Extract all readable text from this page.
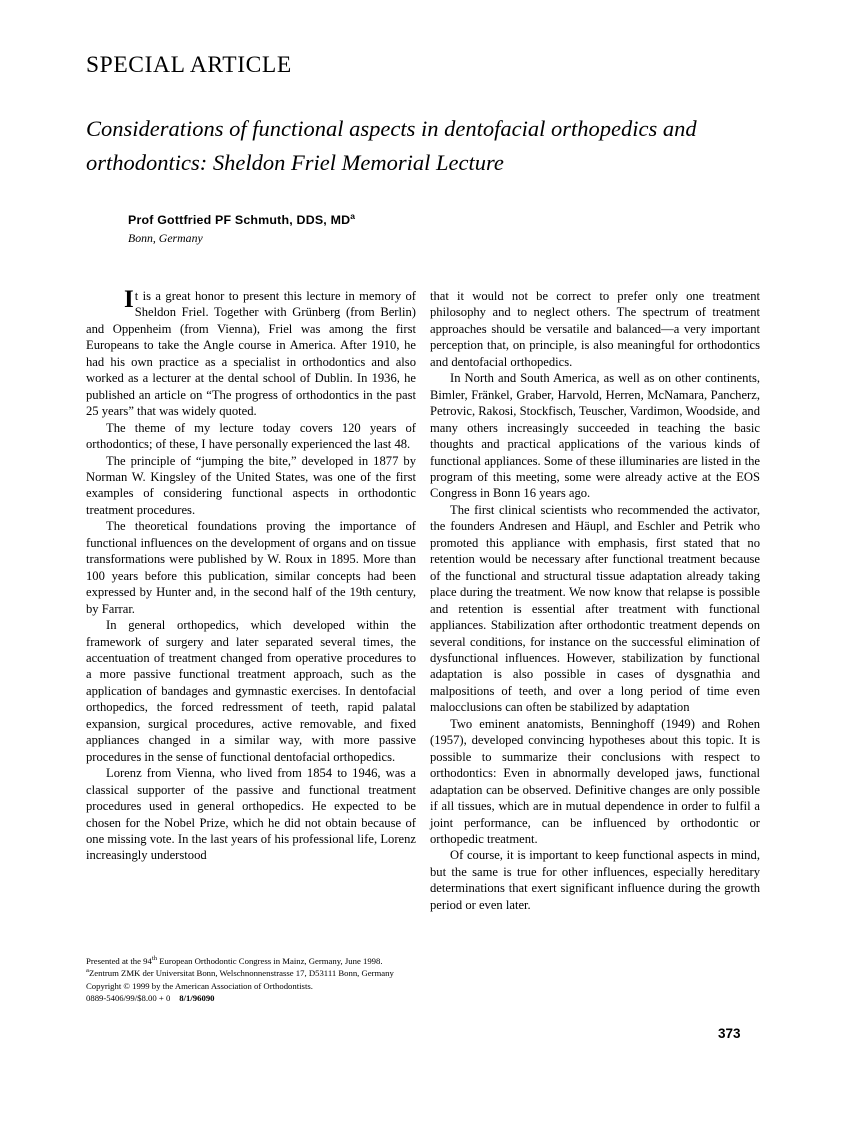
SPECIAL ARTICLE
Considerations of functional aspects in dentofacial orthopedics and orthodontics: Sheldon Friel Memorial Lecture
Prof Gottfried PF Schmuth, DDS, $MD^a$
Bonn, Germany

It is a great honor to present this lecture in memory of Sheldon Friel. Together with Grünberg (from Berlin) and Oppenheim (from Vienna), Friel was among the first Europeans to take the Angle course in America. After 1910, he had his own practice as a specialist in orthodontics and also worked as a lecturer at the dental school of Dublin. In 1936, he published an article on “The progress of orthodontics in the past 25 years” that was widely quoted.

The theme of my lecture today covers 120 years of orthodontics; of these, I have personally experienced the last 48.

The principle of “jumping the bite,” developed in 1877 by Norman W. Kingsley of the United States, was one of the first examples of considering functional aspects in orthodontic treatment procedures.

The theoretical foundations proving the importance of functional influences on the development of organs and on tissue transformations were published by W. Roux in 1895. More than 100 years before this publication, similar concepts had been expressed by Hunter and, in the second half of the 19th century, by Farrar.

In general orthopedics, which developed within the framework of surgery and later separated several times, the accentuation of treatment changed from operative procedures to a more passive functional treatment approach, such as the application of bandages and gymnastic exercises. In dentofacial orthopedics, the forced redressment of teeth, rapid palatal expansion, surgical procedures, active removable, and fixed appliances changed in a similar way, with more passive procedures in the sense of functional dentofacial orthopedics.

Lorenz from Vienna, who lived from 1854 to 1946, was a classical supporter of the passive and functional treatment procedures used in general orthopedics. He expected to be chosen for the Nobel Prize, which he did not obtain because of one missing vote. In the last years of his professional life, Lorenz increasingly understood

that it would not be correct to prefer only one treatment philosophy and to neglect others. The spectrum of treatment approaches should be versatile and balanced—a very important perception that, on principle, is also meaningful for orthodontics and dentofacial orthopedics.

In North and South America, as well as on other continents, Bimler, Fränkel, Graber, Harvold, Herren, McNamara, Pancherz, Petrovic, Rakosi, Stockfisch, Teuscher, Vardimon, Woodside, and many others increasingly succeeded in teaching the basic thoughts and practical applications of the various kinds of functional appliances. Some of these illuminaries are listed in the program of this meeting, some were already active at the EOS Congress in Bonn 16 years ago.

The first clinical scientists who recommended the activator, the founders Andresen and Häupl, and Eschler and Petrik who promoted this appliance with emphasis, first stated that no retention would be necessary after functional treatment because of the functional and structural tissue adaptation already taking place during the treatment. We now know that relapse is possible and retention is essential after treatment with functional appliances. Stabilization after orthodontic treatment depends on several conditions, for instance on the successful elimination of dysfunctional influences. However, stabilization by functional adaptation is also possible in cases of dysgnathia and malpositions of teeth, and over a long period of time even malocclusions can often be stabilized by adaptation

Two eminent anatomists, Benninghoff (1949) and Rohen (1957), developed convincing hypotheses about this topic. It is possible to summarize their conclusions with respect to orthodontics: Even in abnormally developed jaws, functional adaptation can be observed. Definitive changes are only possible if all tissues, which are in mutual dependence in order to fulfil a joint performance, can be influenced by orthodontic or orthopedic treatment.

Of course, it is important to keep functional aspects in mind, but the same is true for other influences, especially hereditary determinations that exert significant influence during the growth period or even later.

Presented at the 94th European Orthodontic Congress in Mainz, Germany, June 1998.
$^a$Zentrum ZMK der Universitat Bonn, Welschnonnenstrasse 17, D53111 Bonn, Germany
Copyright © 1999 by the American Association of Orthodontists.
0889-5406/99/$8.00 + 0 8/1/96090
373
